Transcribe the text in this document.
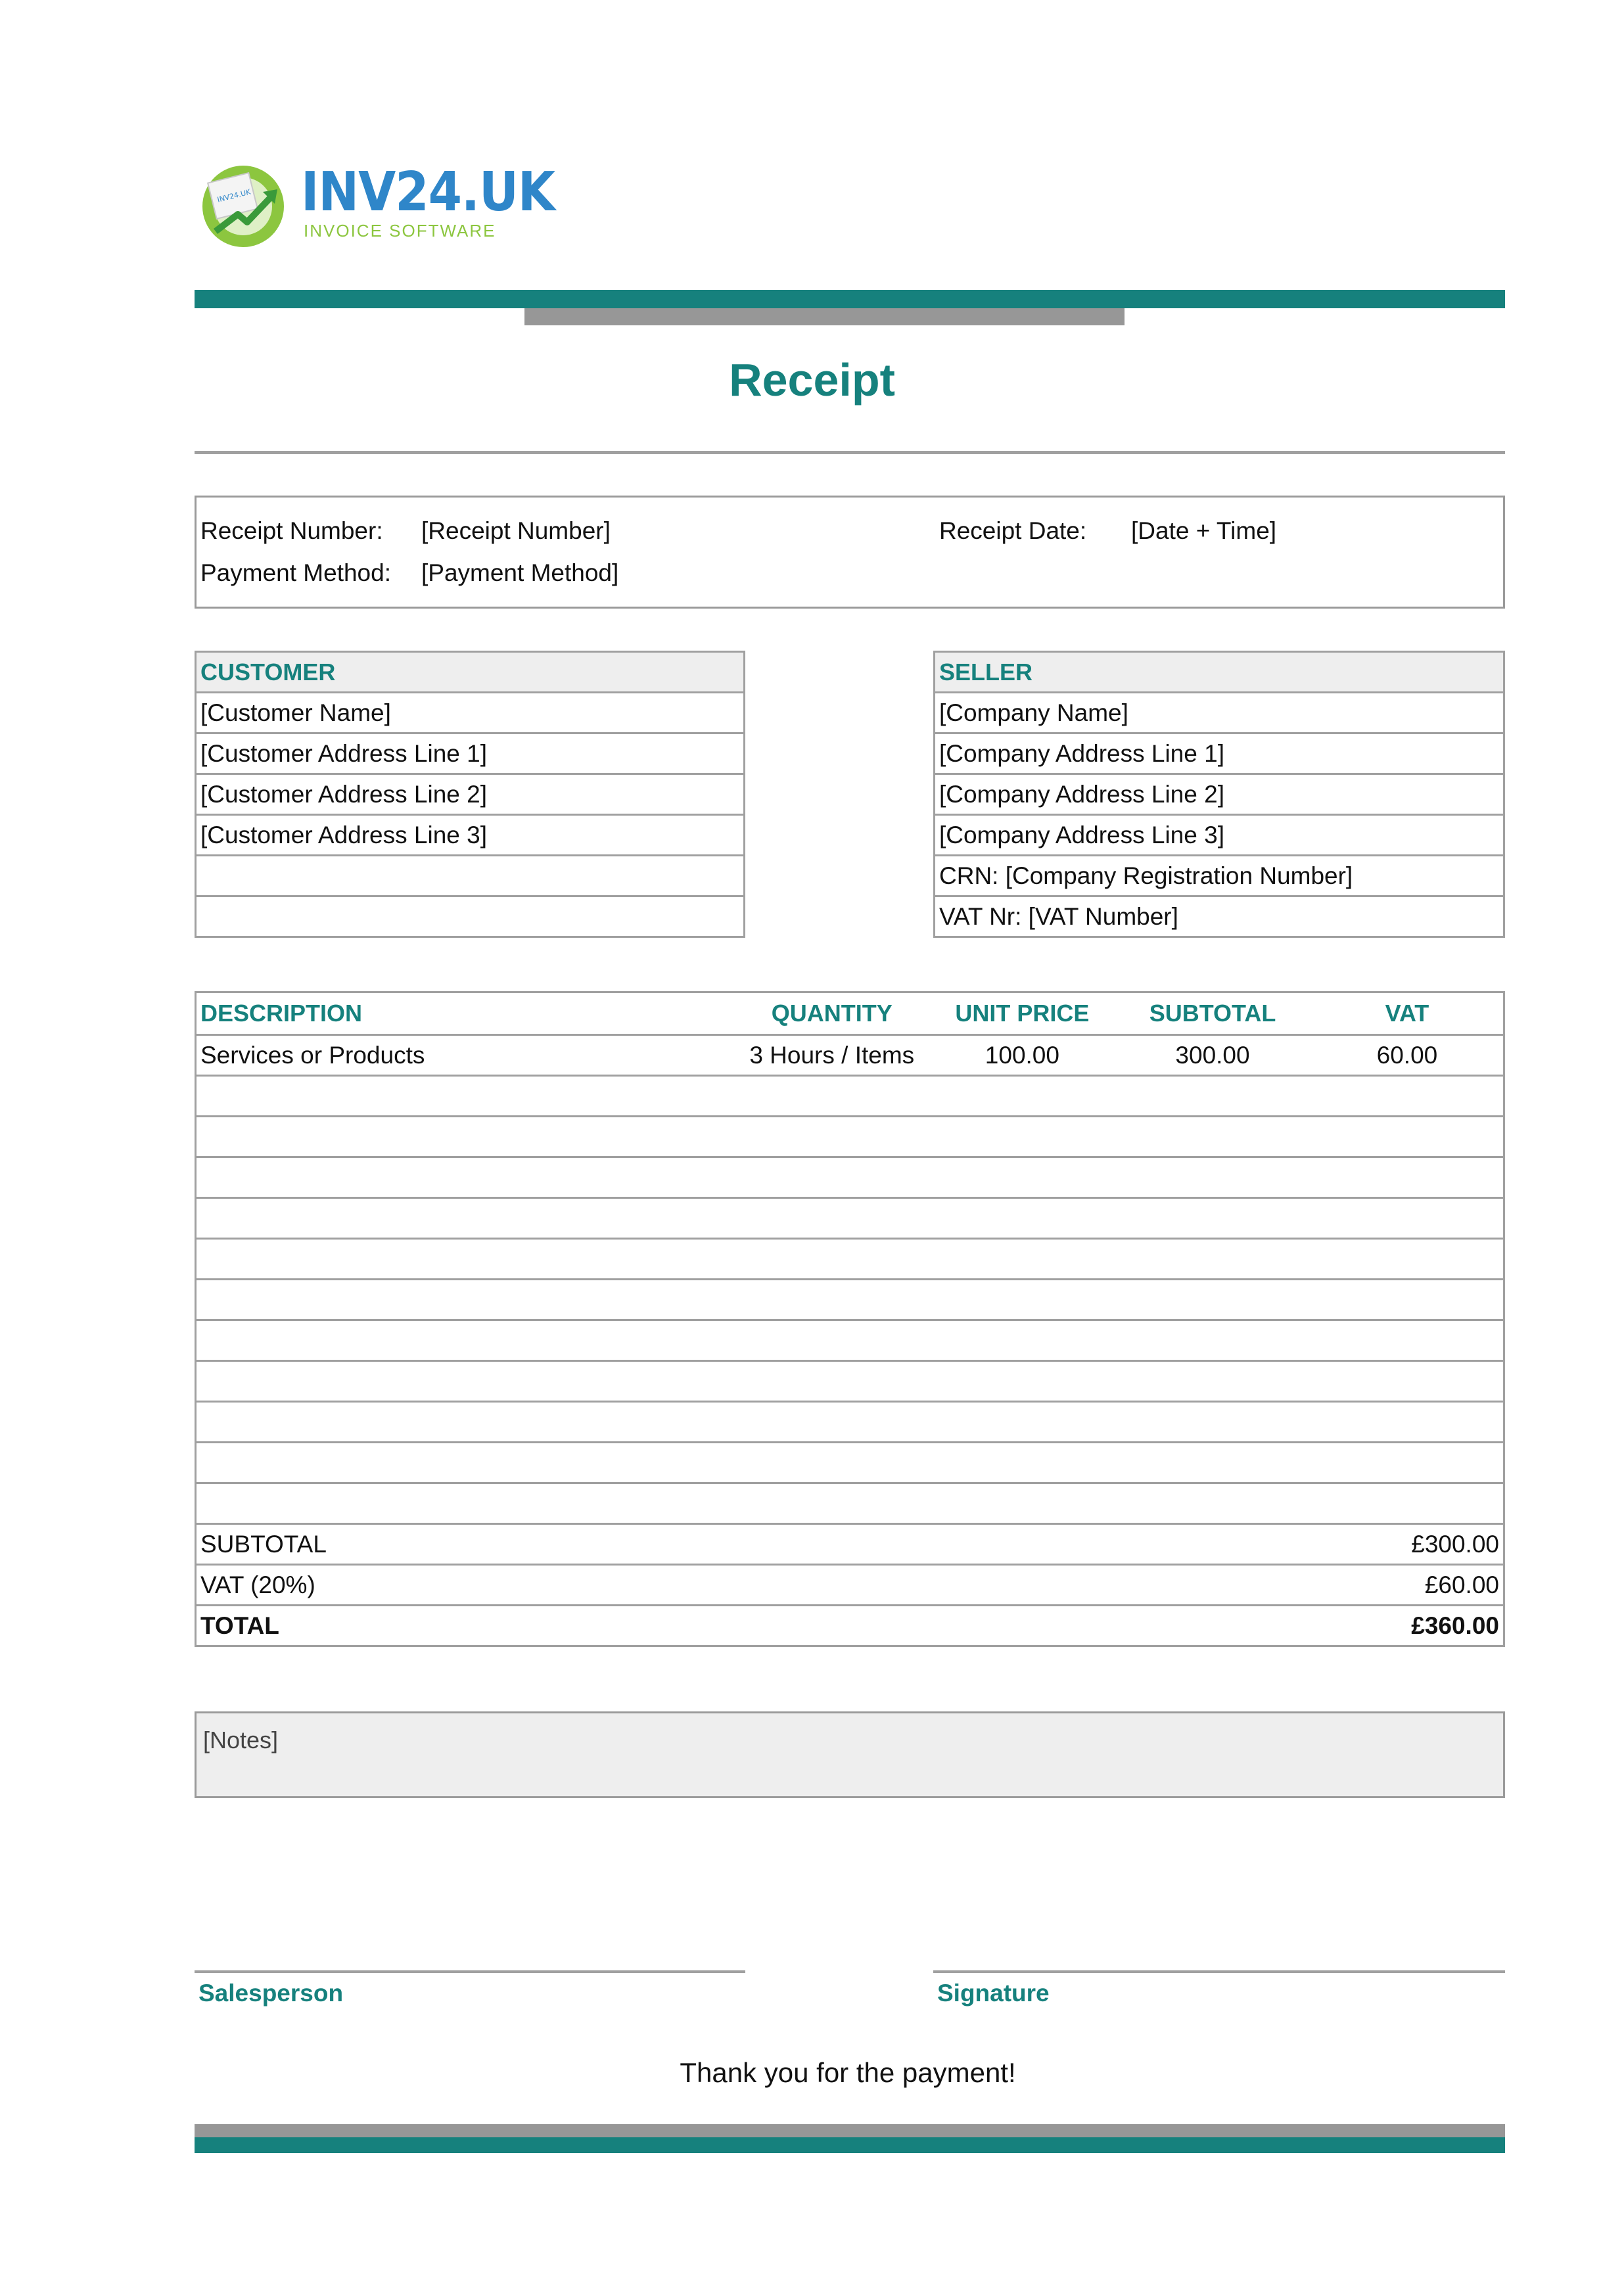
INV24.UK INV24.UK
INVOICE SOFTWARE
Receipt
Receipt Number: [Receipt Number]	Receipt Date: [Date + Time]
Payment Method: [Payment Method]
CUSTOMER
[Customer Name]
[Customer Address Line 1]
[Customer Address Line 2]
[Customer Address Line 3]

SELLER
[Company Name]
[Company Address Line 1]
[Company Address Line 2]
[Company Address Line 3]
CRN: [Company Registration Number]
VAT Nr: [VAT Number]
DESCRIPTION	QUANTITY	UNIT PRICE	SUBTOTAL	VAT
Services or Products	3 Hours / Items	100.00	300.00	60.00

SUBTOTAL				£300.00
VAT (20%)				£60.00
TOTAL				£360.00
[Notes]
Salesperson	Signature
Thank you for the payment!
